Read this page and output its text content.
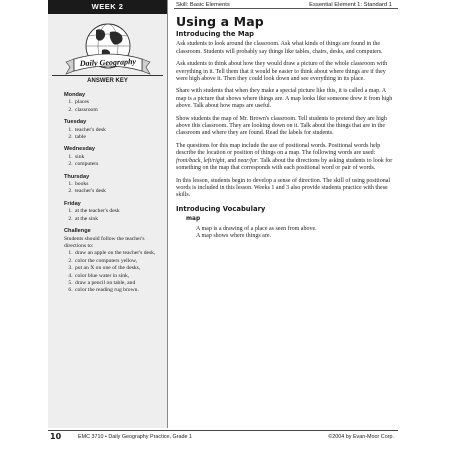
WEEK 2
Daily Geography
ANSWER KEY
Monday
1. places
2. classroom
Tuesday
1. teacher's desk
2. table
Wednesday
1. sink
2. computers
Thursday
1. books
2. teacher's desk
Friday
1. at the teacher's desk
2. at the sink
Challenge

Students should follow the teacher's directions to:

1. draw an apple on the teacher's desk,
2. color the computers yellow,
3. put an X on one of the desks,
4. color blue water in sink,
5. draw a pencil on table, and
6. color the reading rug brown.
Skill: Basic Elements	Essential Element 1: Standard 1
Using a Map
Introducing the Map

Ask students to look around the classroom. Ask what kinds of things are found in the classroom. Students will probably say things like tables, chairs, desks, and computers.

Ask students to think about how they would draw a picture of the whole classroom with everything in it. Tell them that it would be easier to think about where things are if they were high above it. Then they could look down and see everything in its place.

Share with students that when they make a special picture like this, it is called a map. A map is a picture that shows where things are. A map looks like someone drew it from high above. Talk about how maps are useful.

Show students the map of Mr. Brown's classroom. Tell students to pretend they are high above this classroom. They are looking down on it. Talk about the things that are in the classroom and where they are found. Read the labels for students.

The questions for this map include the use of positional words. Positional words help describe the location or position of things on a map. The following words are used: front/back, left/right, and near/far. Talk about the directions by asking students to look for something on the map that corresponds with each positional word or pair of words.

In this lesson, students begin to develop a sense of direction. The skill of using positional words is included in this lesson. Weeks 1 and 3 also provide students practice with these skills.

Introducing Vocabulary
map

A map is a drawing of a place as seen from above.

A map shows where things are.

10	EMC 3710 • Daily Geography Practice, Grade 1	©2004 by Evan-Moor Corp.
